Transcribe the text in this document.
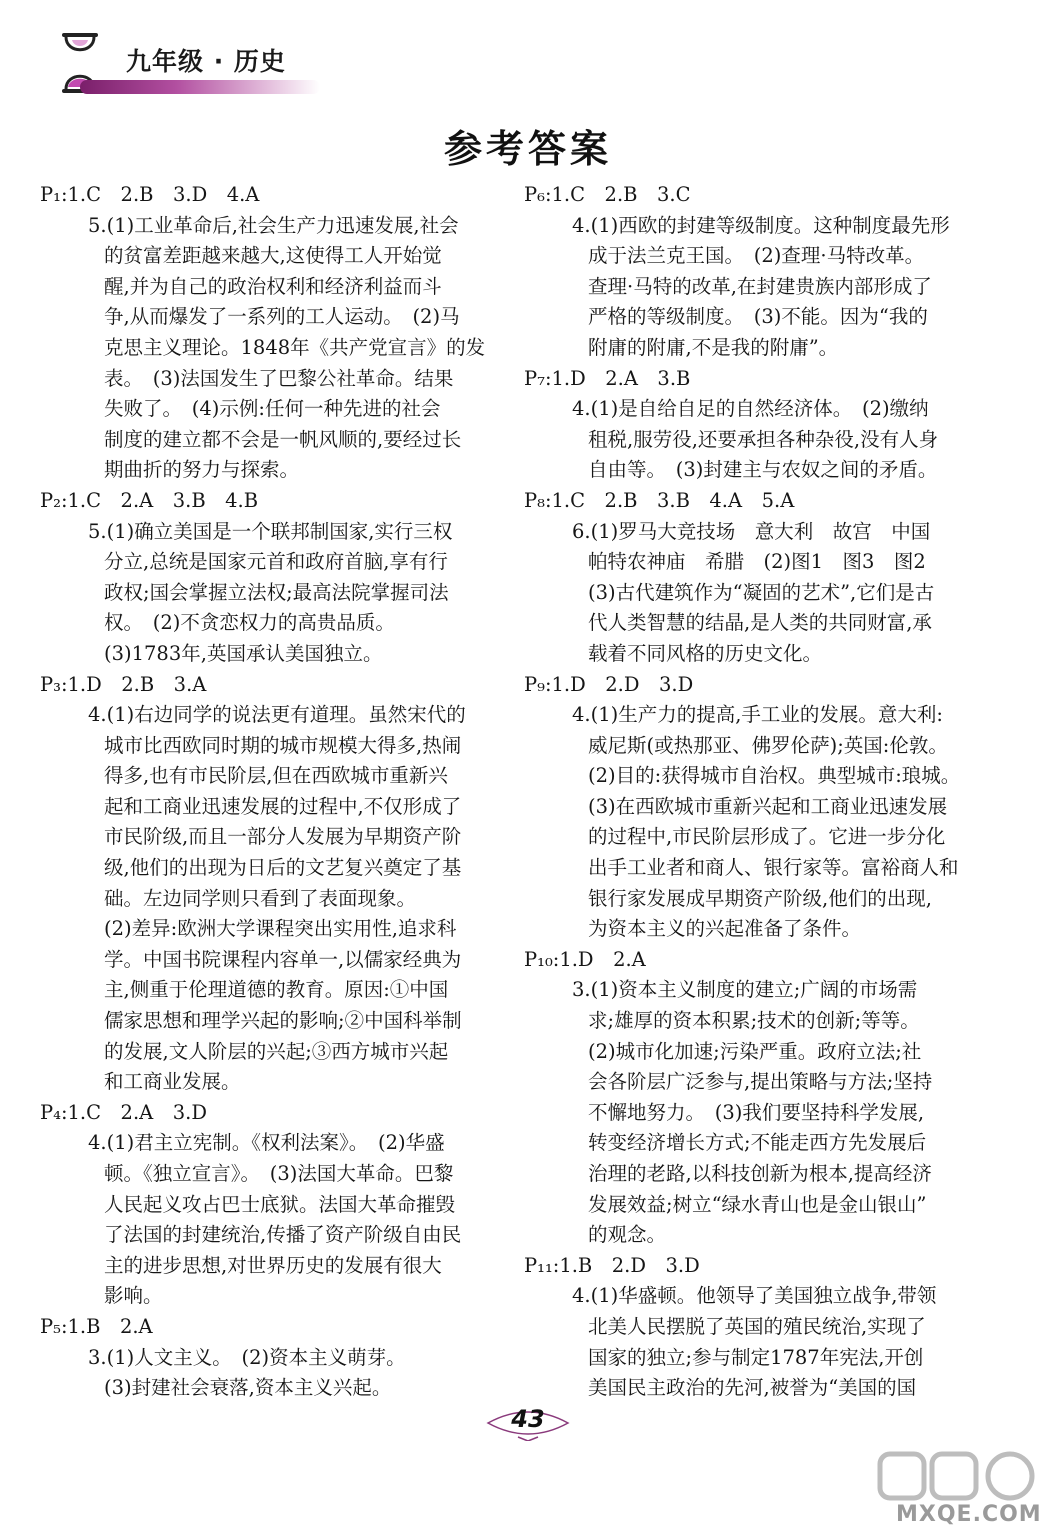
九年级 · 历史
参考答案
P₁:1.C　2.B　3.D　4.A
5.(1)工业革命后,社会生产力迅速发展,社会
的贫富差距越来越大,这使得工人开始觉
醒,并为自己的政治权利和经济利益而斗
争,从而爆发了一系列的工人运动。　(2)马
克思主义理论。1848年《共产党宣言》的发
表。　(3)法国发生了巴黎公社革命。结果
失败了。　(4)示例:任何一种先进的社会
制度的建立都不会是一帆风顺的,要经过长
期曲折的努力与探索。
P₂:1.C　2.A　3.B　4.B
5.(1)确立美国是一个联邦制国家,实行三权
分立,总统是国家元首和政府首脑,享有行
政权;国会掌握立法权;最高法院掌握司法
权。　(2)不贪恋权力的高贵品质。
(3)1783年,英国承认美国独立。
P₃:1.D　2.B　3.A
4.(1)右边同学的说法更有道理。虽然宋代的
城市比西欧同时期的城市规模大得多,热闹
得多,也有市民阶层,但在西欧城市重新兴
起和工商业迅速发展的过程中,不仅形成了
市民阶级,而且一部分人发展为早期资产阶
级,他们的出现为日后的文艺复兴奠定了基
础。左边同学则只看到了表面现象。
(2)差异:欧洲大学课程突出实用性,追求科
学。中国书院课程内容单一,以儒家经典为
主,侧重于伦理道德的教育。原因:①中国
儒家思想和理学兴起的影响;②中国科举制
的发展,文人阶层的兴起;③西方城市兴起
和工商业发展。
P₄:1.C　2.A　3.D
4.(1)君主立宪制。《权利法案》。　(2)华盛
顿。《独立宣言》。　(3)法国大革命。巴黎
人民起义攻占巴士底狱。法国大革命摧毁
了法国的封建统治,传播了资产阶级自由民
主的进步思想,对世界历史的发展有很大
影响。
P₅:1.B　2.A
3.(1)人文主义。　(2)资本主义萌芽。
(3)封建社会衰落,资本主义兴起。
P₆:1.C　2.B　3.C
4.(1)西欧的封建等级制度。这种制度最先形
成于法兰克王国。　(2)查理·马特改革。
查理·马特的改革,在封建贵族内部形成了
严格的等级制度。　(3)不能。因为“我的
附庸的附庸,不是我的附庸”。
P₇:1.D　2.A　3.B
4.(1)是自给自足的自然经济体。　(2)缴纳
租税,服劳役,还要承担各种杂役,没有人身
自由等。　(3)封建主与农奴之间的矛盾。
P₈:1.C　2.B　3.B　4.A　5.A
6.(1)罗马大竞技场　意大利　故宫　中国
帕特农神庙　希腊　(2)图1　图3　图2
(3)古代建筑作为“凝固的艺术”,它们是古
代人类智慧的结晶,是人类的共同财富,承
载着不同风格的历史文化。
P₉:1.D　2.D　3.D
4.(1)生产力的提高,手工业的发展。意大利:
威尼斯(或热那亚、佛罗伦萨);英国:伦敦。
(2)目的:获得城市自治权。典型城市:琅城。
(3)在西欧城市重新兴起和工商业迅速发展
的过程中,市民阶层形成了。它进一步分化
出手工业者和商人、银行家等。富裕商人和
银行家发展成早期资产阶级,他们的出现,
为资本主义的兴起准备了条件。
P₁₀:1.D　2.A
3.(1)资本主义制度的建立;广阔的市场需
求;雄厚的资本积累;技术的创新;等等。
(2)城市化加速;污染严重。政府立法;社
会各阶层广泛参与,提出策略与方法;坚持
不懈地努力。　(3)我们要坚持科学发展,
转变经济增长方式;不能走西方先发展后
治理的老路,以科技创新为根本,提高经济
发展效益;树立“绿水青山也是金山银山”
的观念。
P₁₁:1.B　2.D　3.D
4.(1)华盛顿。他领导了美国独立战争,带领
北美人民摆脱了英国的殖民统治,实现了
国家的独立;参与制定1787年宪法,开创
美国民主政治的先河,被誉为“美国的国
43
MXQE.COM
